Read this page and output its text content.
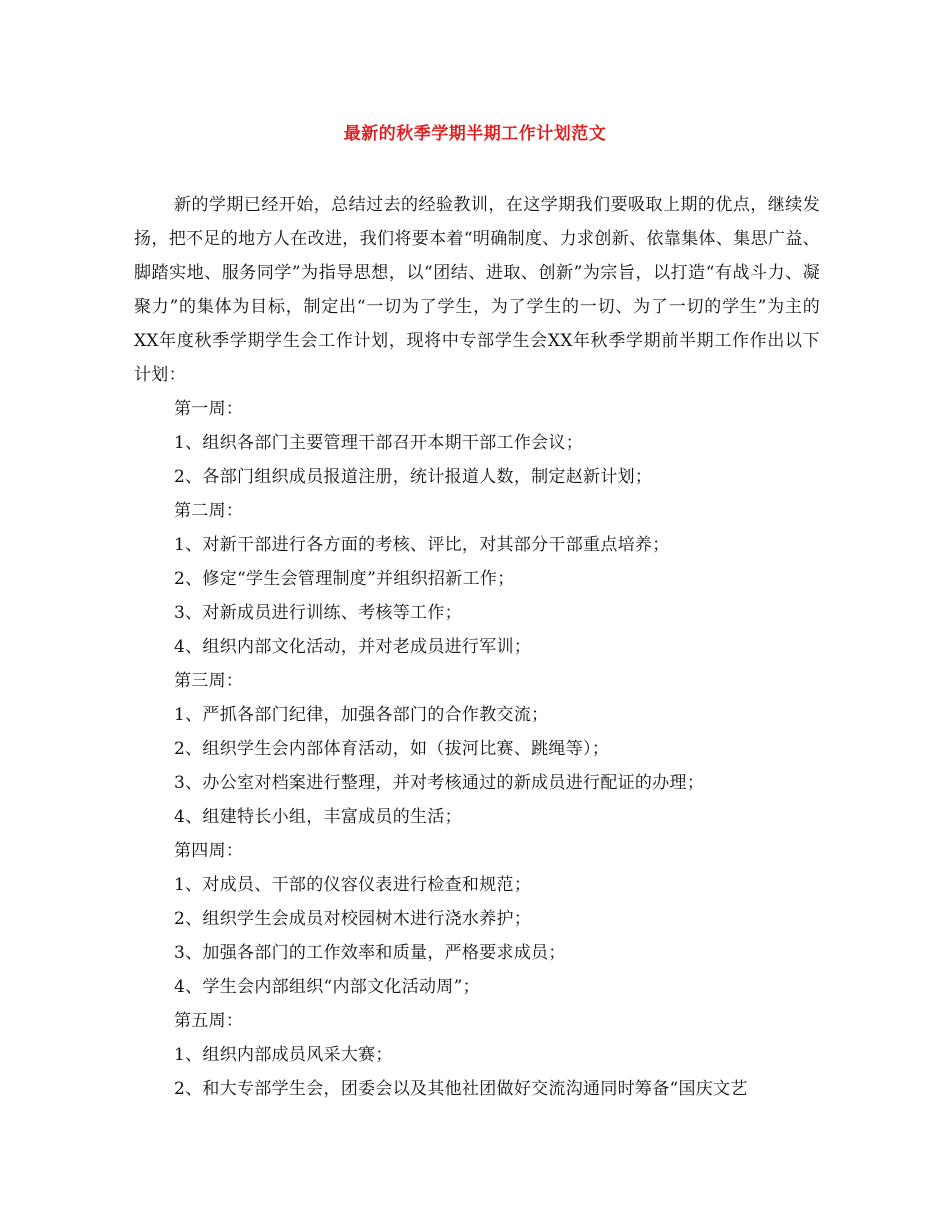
最新的秋季学期半期工作计划范文

新的学期已经开始，总结过去的经验教训，在这学期我们要吸取上期的优点，继续发扬，把不足的地方人在改进，我们将要本着“明确制度、力求创新、依靠集体、集思广益、脚踏实地、服务同学”为指导思想，以“团结、进取、创新”为宗旨，以打造“有战斗力、凝聚力”的集体为目标，制定出“一切为了学生，为了学生的一切、为了一切的学生”为主的XX年度秋季学期学生会工作计划，现将中专部学生会XX年秋季学期前半期工作作出以下计划：

第一周：

1、组织各部门主要管理干部召开本期干部工作会议；

2、各部门组织成员报道注册，统计报道人数，制定赵新计划；

第二周：

1、对新干部进行各方面的考核、评比，对其部分干部重点培养；

2、修定“学生会管理制度”并组织招新工作；

3、对新成员进行训练、考核等工作；

4、组织内部文化活动，并对老成员进行军训；

第三周：

1、严抓各部门纪律，加强各部门的合作教交流；

2、组织学生会内部体育活动，如（拔河比赛、跳绳等）；

3、办公室对档案进行整理，并对考核通过的新成员进行配证的办理；

4、组建特长小组，丰富成员的生活；

第四周：

1、对成员、干部的仪容仪表进行检查和规范；

2、组织学生会成员对校园树木进行浇水养护；

3、加强各部门的工作效率和质量，严格要求成员；

4、学生会内部组织“内部文化活动周”；

第五周：

1、组织内部成员风采大赛；

2、和大专部学生会，团委会以及其他社团做好交流沟通同时筹备“国庆文艺
